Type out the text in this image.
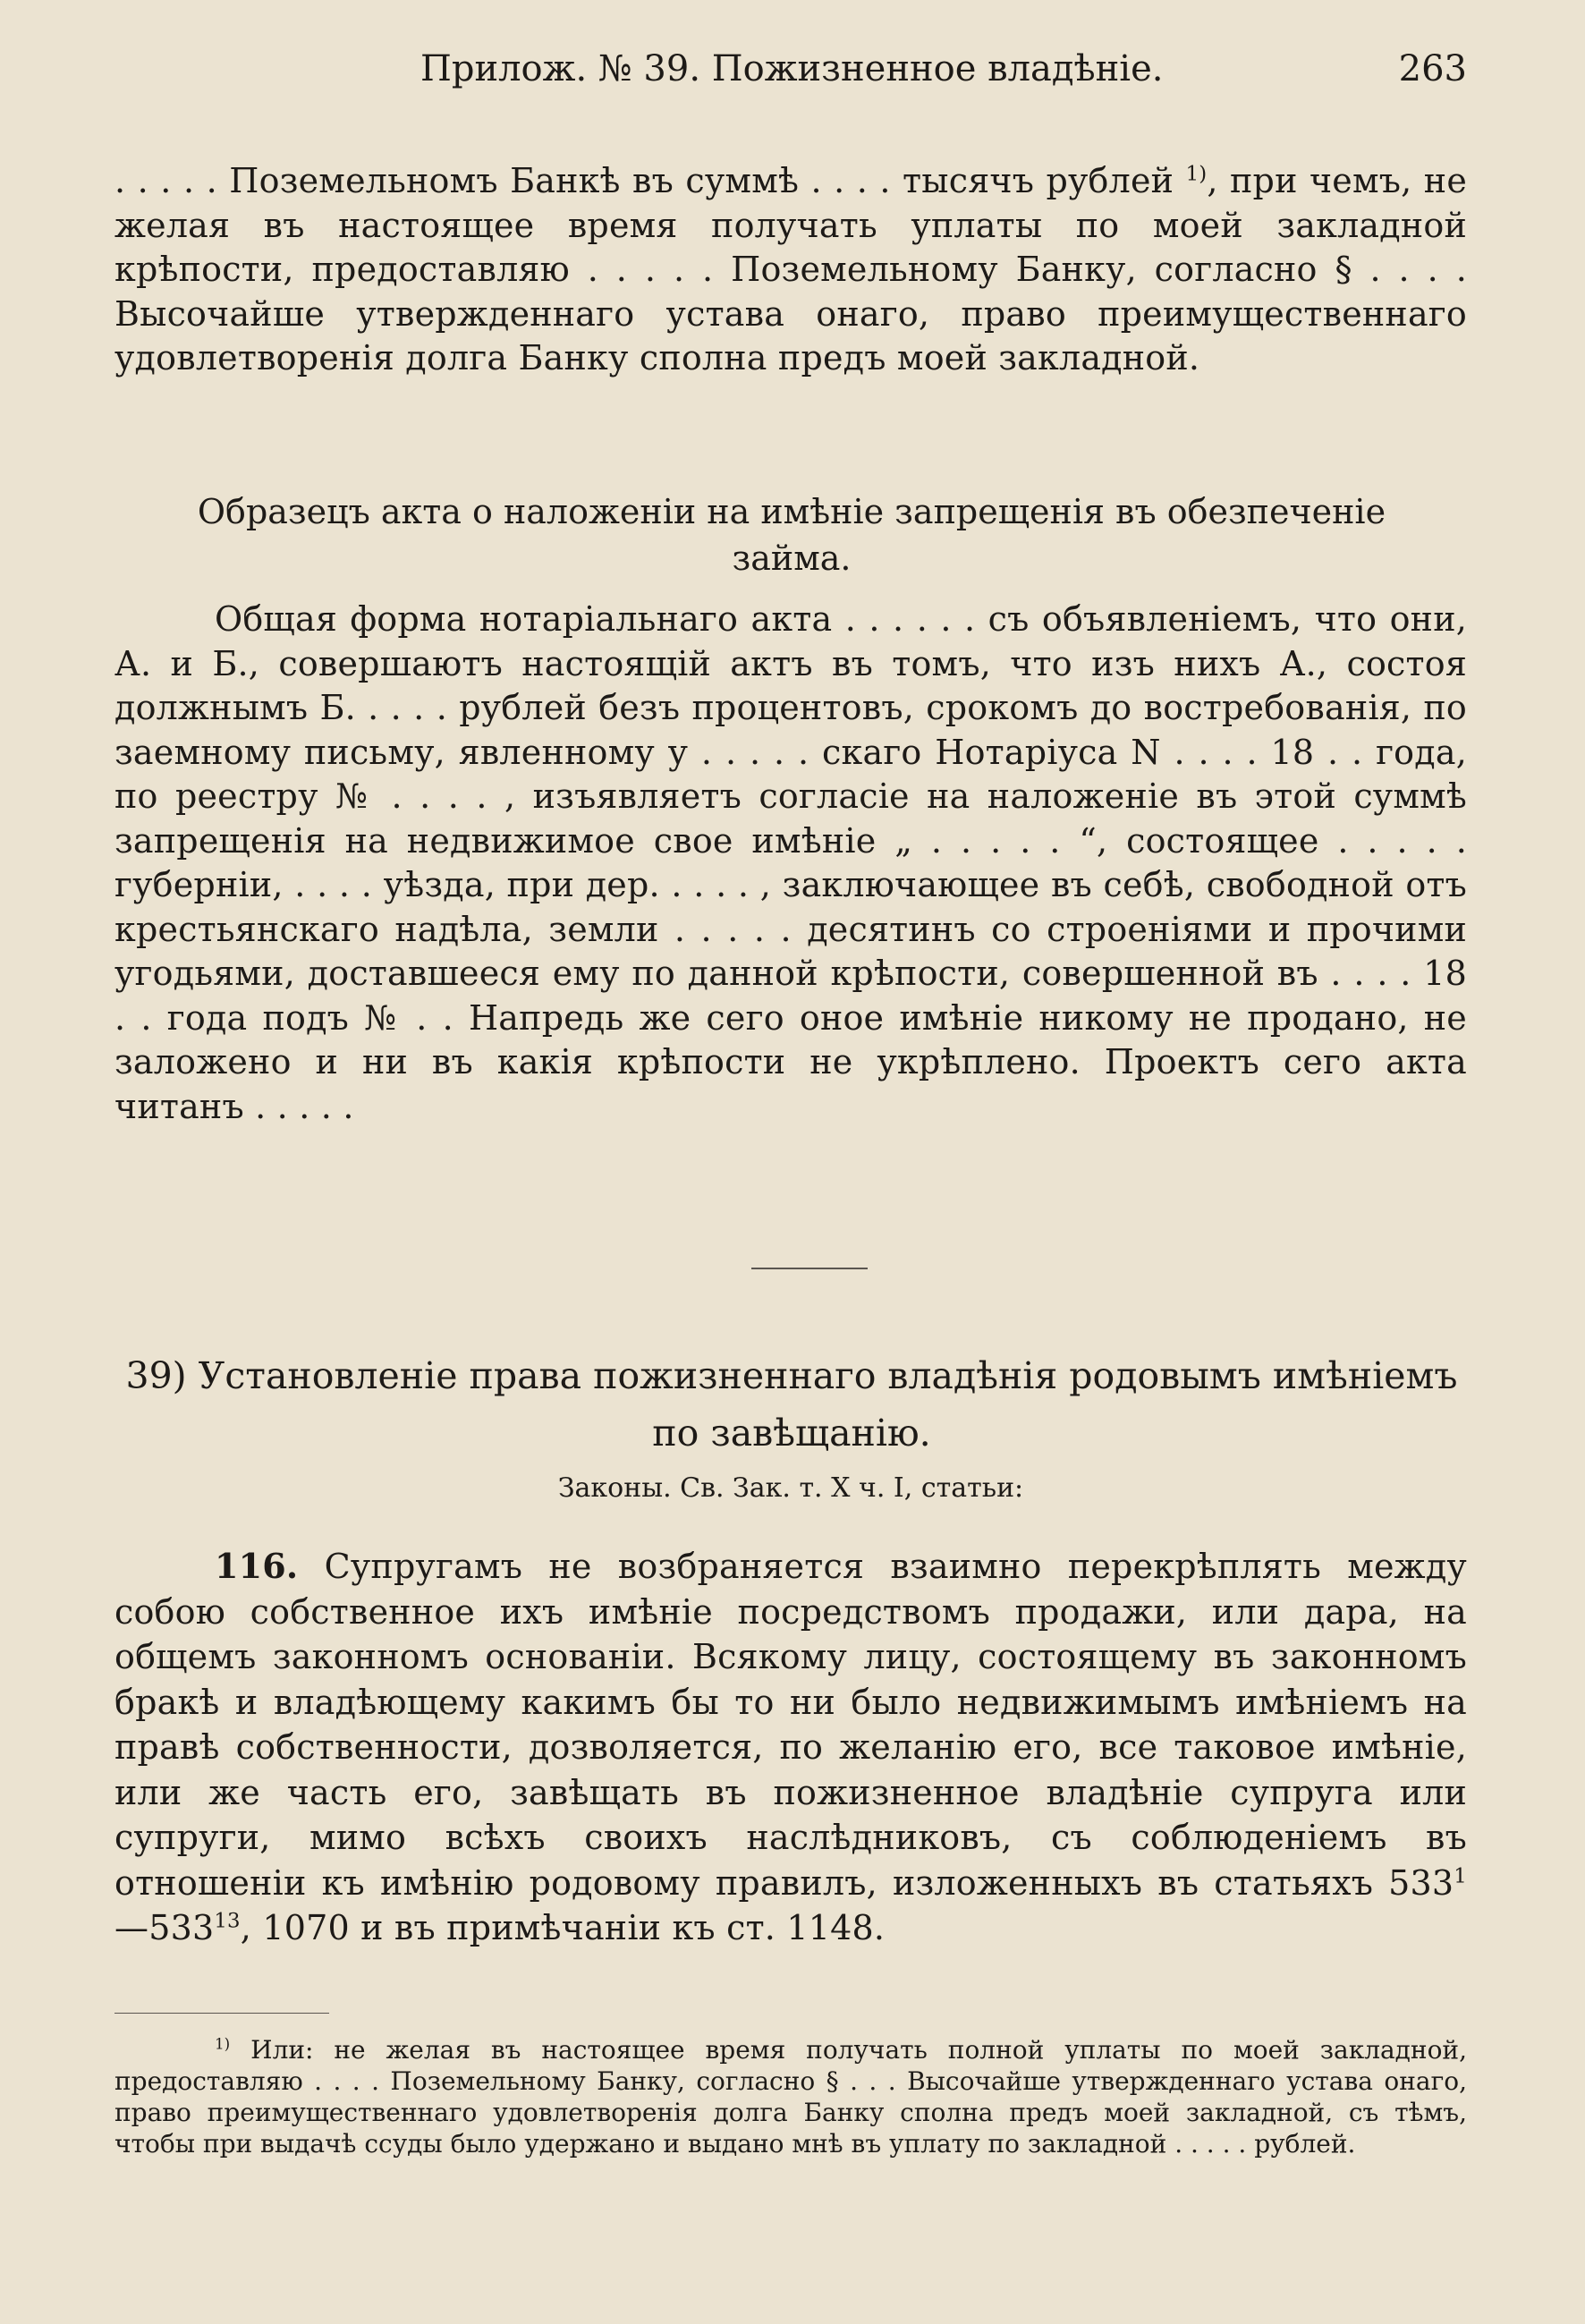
Прилож. № 39. Пожизненное владѣніе.	263

. . . . . Поземельномъ Банкѣ въ суммѣ . . . . тысячъ рублей $^{1)}$, при чемъ, не желая въ настоящее время получать уплаты по моей закладной крѣпости, предоставляю . . . . . Поземельному Банку, согласно § . . . . Высочайше утвержденнаго устава онаго, право преимущественнаго удовлетворенія долга Банку сполна предъ моей закладной.

Образецъ акта о наложеніи на имѣніе запрещенія въ обезпеченіе займа.

Общая форма нотаріальнаго акта . . . . . . съ объявленіемъ, что они, А. и Б., совершаютъ настоящій актъ въ томъ, что изъ нихъ А., состоя должнымъ Б. . . . . рублей безъ процентовъ, срокомъ до востребованія, по заемному письму, явленному у . . . . . скаго Нотаріуса N . . . . 18 . . года, по реестру № . . . . , изъявляетъ согласіе на наложеніе въ этой суммѣ запрещенія на недвижимое свое имѣніе „ . . . . . “, состоящее . . . . . губерніи, . . . . уѣзда, при дер. . . . . , заключающее въ себѣ, свободной отъ крестьянскаго надѣла, земли . . . . . десятинъ со строеніями и прочими угодьями, доставшееся ему по данной крѣпости, совершенной въ . . . . 18 . . года подъ № . . Напредь же сего оное имѣніе никому не продано, не заложено и ни въ какія крѣпости не укрѣплено. Проектъ сего акта читанъ . . . . .

39) Установленіе права пожизненнаго владѣнія родовымъ имѣніемъ по завѣщанію.

Законы. Св. Зак. т. X ч. I, статьи:

116. Супругамъ не возбраняется взаимно перекрѣплять между собою собственное ихъ имѣніе посредствомъ продажи, или дара, на общемъ законномъ основаніи. Всякому лицу, состоящему въ законномъ бракѣ и владѣющему какимъ бы то ни было недвижимымъ имѣніемъ на правѣ собственности, дозволяется, по желанію его, все таковое имѣніе, или же часть его, завѣщать въ пожизненное владѣніе супруга или супруги, мимо всѣхъ своихъ наслѣдниковъ, съ соблюденіемъ въ отношеніи къ имѣнію родовому правилъ, изложенныхъ въ статьяхъ $533^1—533^{13}$, 1070 и въ примѣчаніи къ ст. 1148.

$^{1)}$ Или: не желая въ настоящее время получать полной уплаты по моей закладной, предоставляю . . . . Поземельному Банку, согласно § . . . Высочайше утвержденнаго устава онаго, право преимущественнаго удовлетворенія долга Банку сполна предъ моей закладной, съ тѣмъ, чтобы при выдачѣ ссуды было удержано и выдано мнѣ въ уплату по закладной . . . . . рублей.
